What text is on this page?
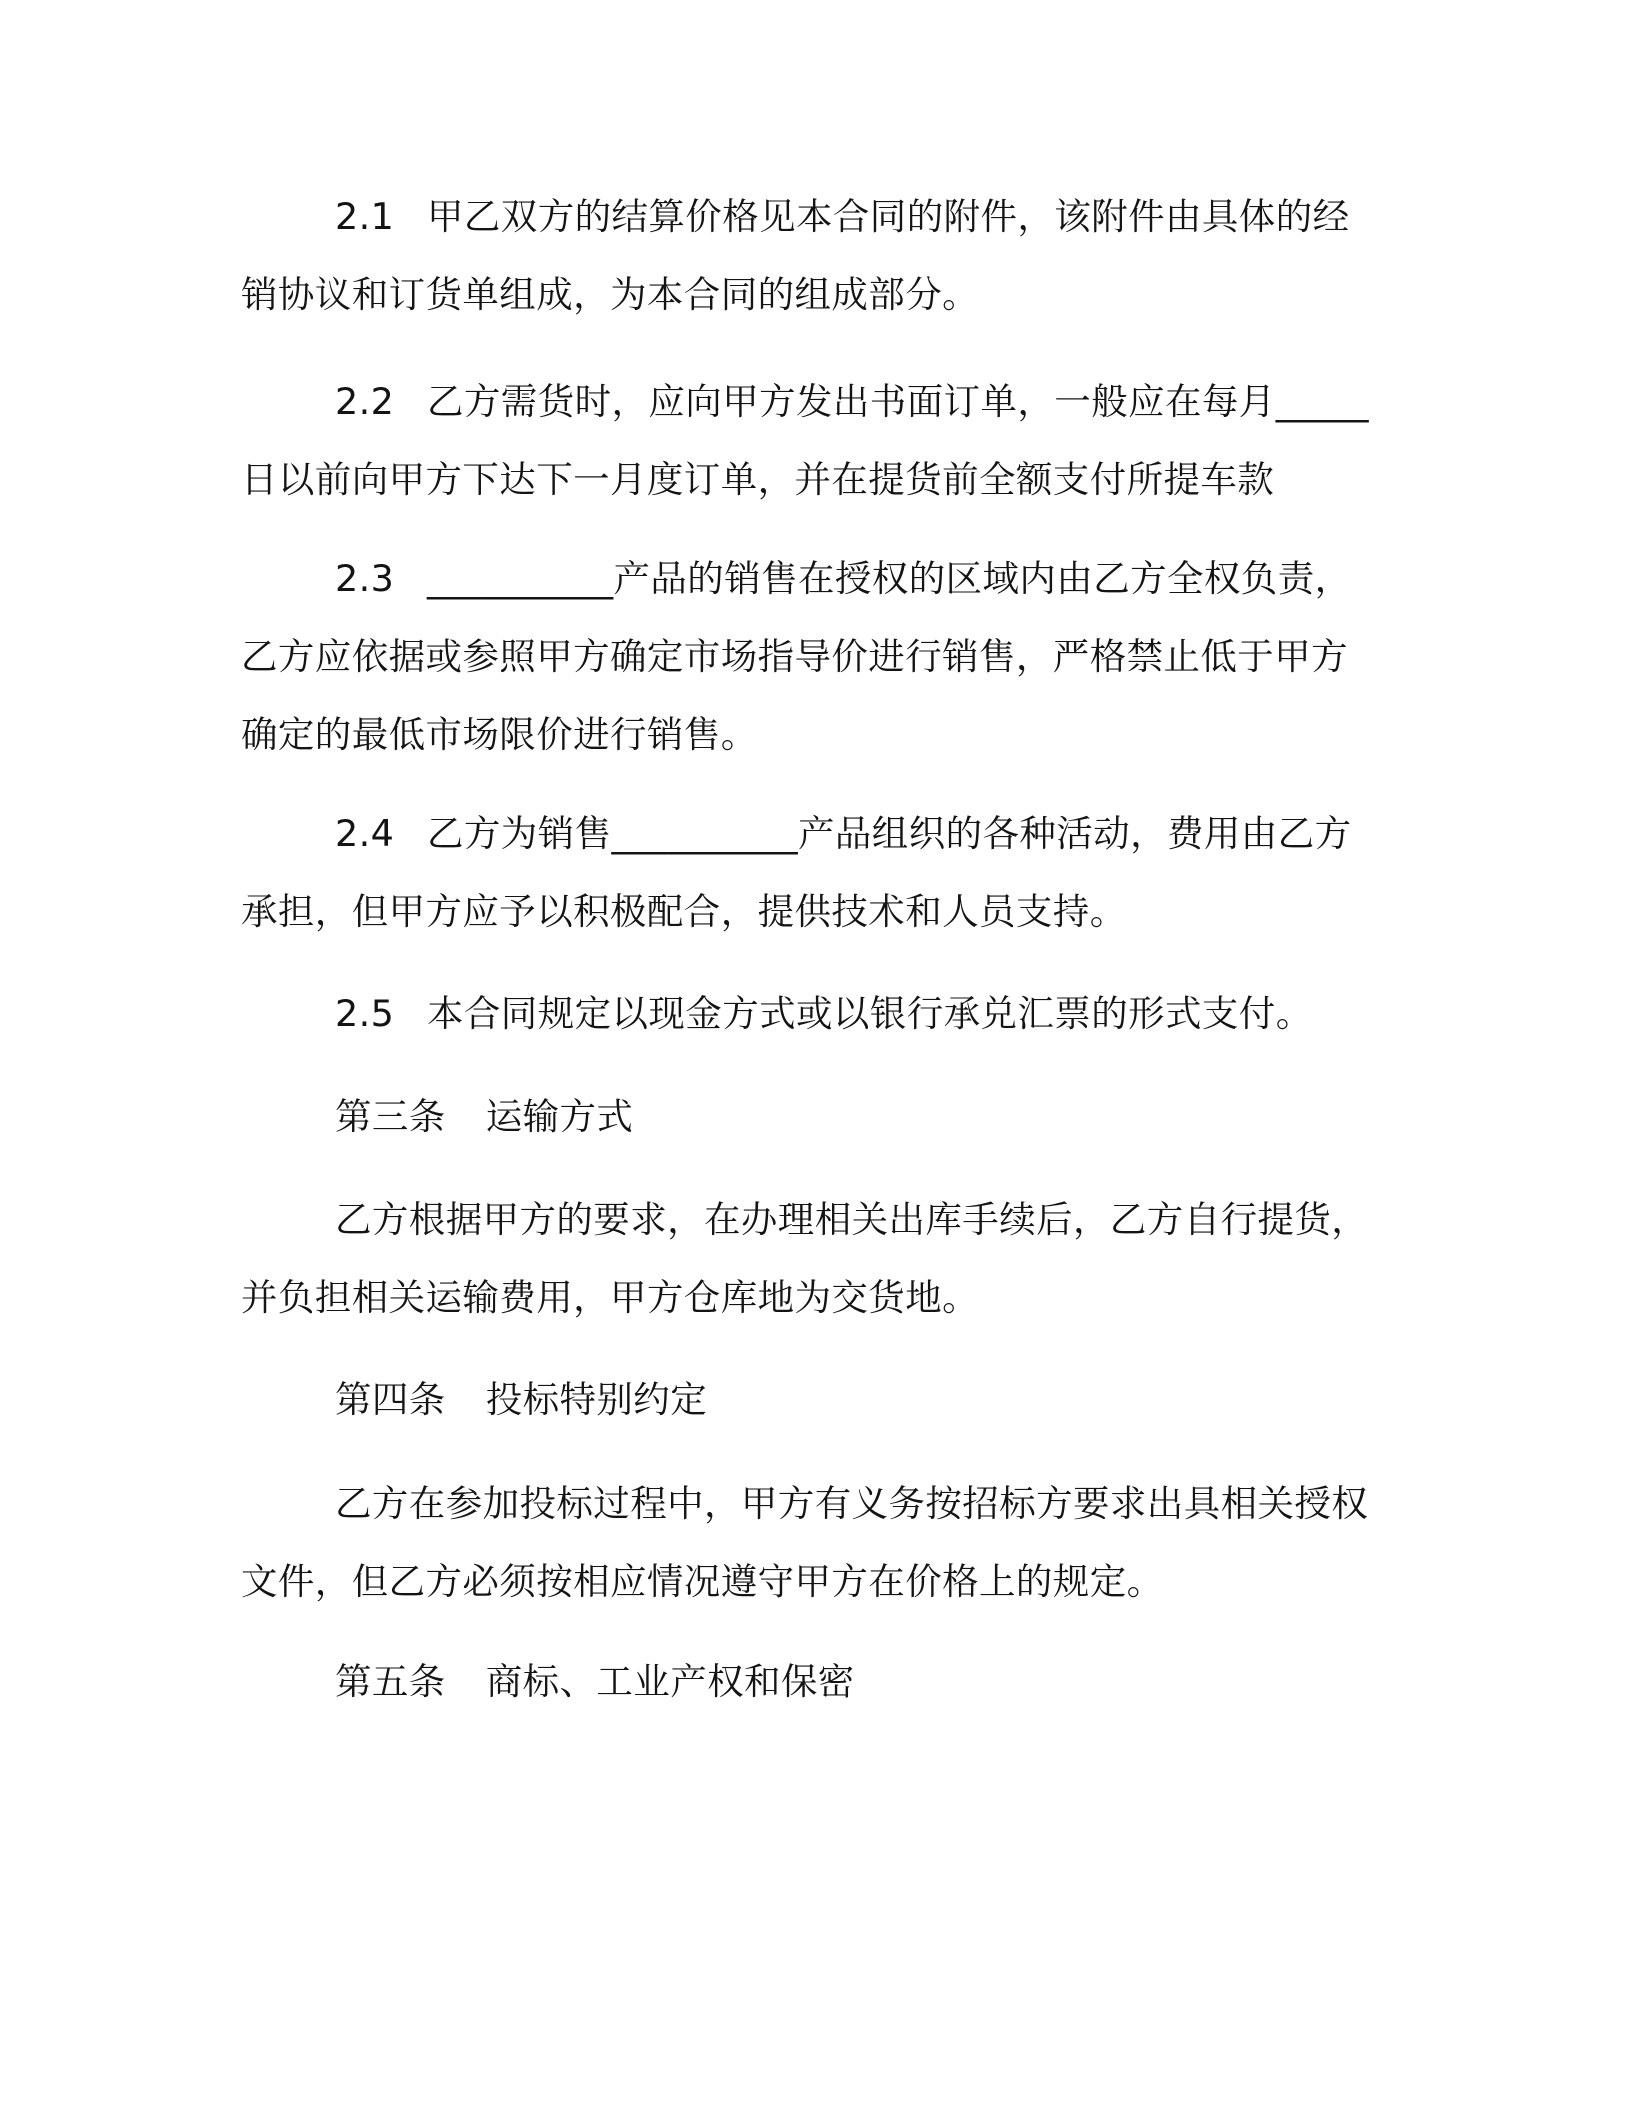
2.1 甲乙双方的结算价格见本合同的附件，该附件由具体的经
销协议和订货单组成，为本合同的组成部分。

2.2 乙方需货时，应向甲方发出书面订单，一般应在每月_____
日以前向甲方下达下一月度订单，并在提货前全额支付所提车款

2.3 __________产品的销售在授权的区域内由乙方全权负责，
乙方应依据或参照甲方确定市场指导价进行销售，严格禁止低于甲方
确定的最低市场限价进行销售。

2.4 乙方为销售__________产品组织的各种活动，费用由乙方
承担，但甲方应予以积极配合，提供技术和人员支持。

2.5 本合同规定以现金方式或以银行承兑汇票的形式支付。

第三条 运输方式

乙方根据甲方的要求，在办理相关出库手续后，乙方自行提货，
并负担相关运输费用，甲方仓库地为交货地。

第四条 投标特别约定

乙方在参加投标过程中，甲方有义务按招标方要求出具相关授权
文件，但乙方必须按相应情况遵守甲方在价格上的规定。

第五条 商标、工业产权和保密
